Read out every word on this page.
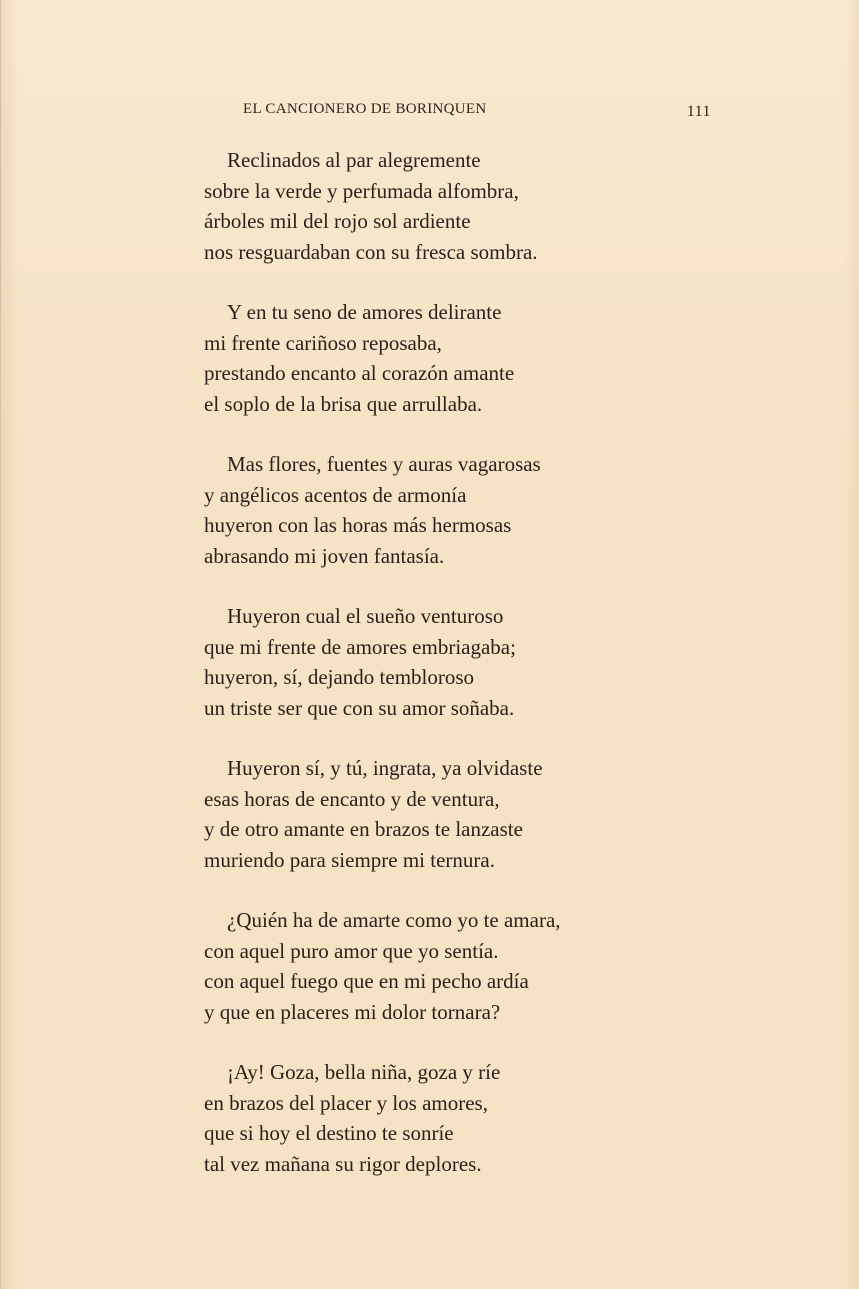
EL CANCIONERO DE BORINQUEN	111
Reclinados al par alegremente
sobre la verde y perfumada alfombra,
árboles mil del rojo sol ardiente
nos resguardaban con su fresca sombra.
Y en tu seno de amores delirante
mi frente cariñoso reposaba,
prestando encanto al corazón amante
el soplo de la brisa que arrullaba.
Mas flores, fuentes y auras vagarosas
y angélicos acentos de armonía
huyeron con las horas más hermosas
abrasando mi joven fantasía.
Huyeron cual el sueño venturoso
que mi frente de amores embriagaba;
huyeron, sí, dejando tembloroso
un triste ser que con su amor soñaba.
Huyeron sí, y tú, ingrata, ya olvidaste
esas horas de encanto y de ventura,
y de otro amante en brazos te lanzaste
muriendo para siempre mi ternura.
¿Quién ha de amarte como yo te amara,
con aquel puro amor que yo sentía.
con aquel fuego que en mi pecho ardía
y que en placeres mi dolor tornara?
¡Ay! Goza, bella niña, goza y ríe
en brazos del placer y los amores,
que si hoy el destino te sonríe
tal vez mañana su rigor deplores.
